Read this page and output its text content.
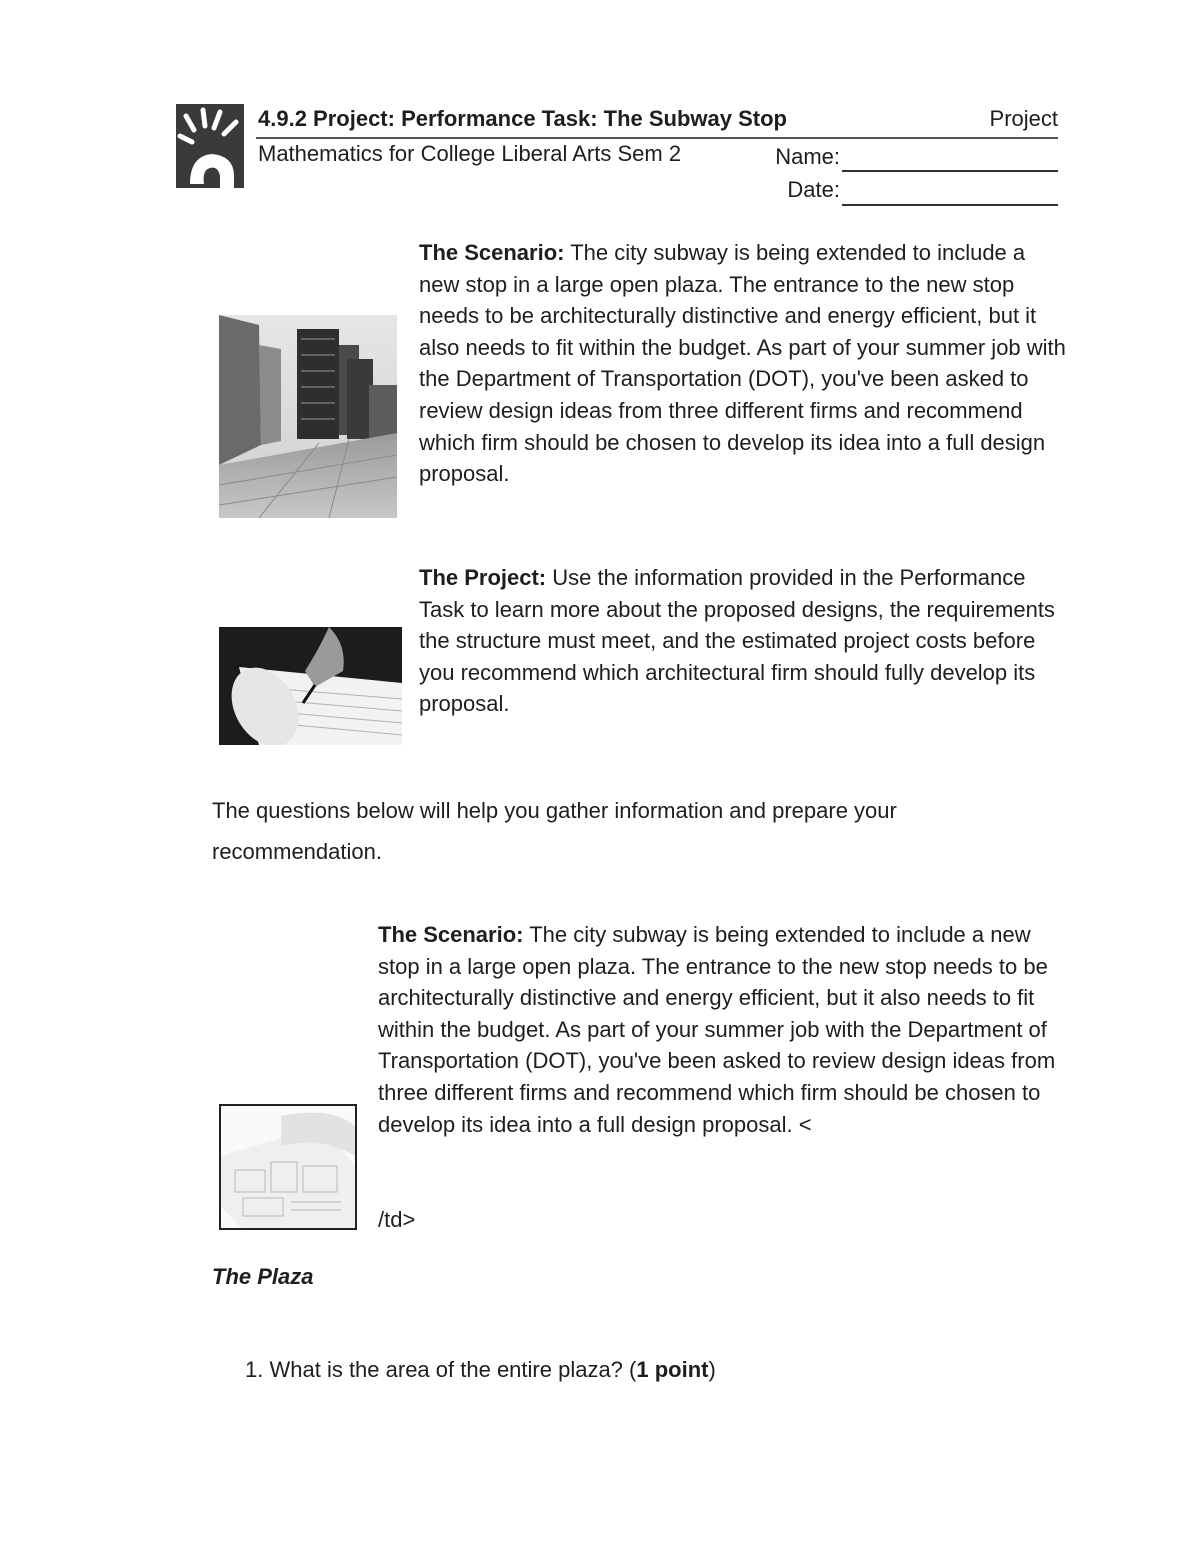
4.9.2 Project: Performance Task: The Subway Stop	Project
Mathematics for College Liberal Arts Sem 2	Name:
Date:
The Scenario: The city subway is being extended to include a new stop in a large open plaza. The entrance to the new stop needs to be architecturally distinctive and energy efficient, but it also needs to fit within the budget. As part of your summer job with the Department of Transportation (DOT), you've been asked to review design ideas from three different firms and recommend which firm should be chosen to develop its idea into a full design proposal.
The Project: Use the information provided in the Performance Task to learn more about the proposed designs, the requirements the structure must meet, and the estimated project costs before you recommend which architectural firm should fully develop its proposal.
The questions below will help you gather information and prepare your recommendation.
The Scenario: The city subway is being extended to include a new stop in a large open plaza. The entrance to the new stop needs to be architecturally distinctive and energy efficient, but it also needs to fit within the budget. As part of your summer job with the Department of Transportation (DOT), you've been asked to review design ideas from three different firms and recommend which firm should be chosen to develop its idea into a full design proposal. <
/td>
The Plaza
1. What is the area of the entire plaza? (1 point)
